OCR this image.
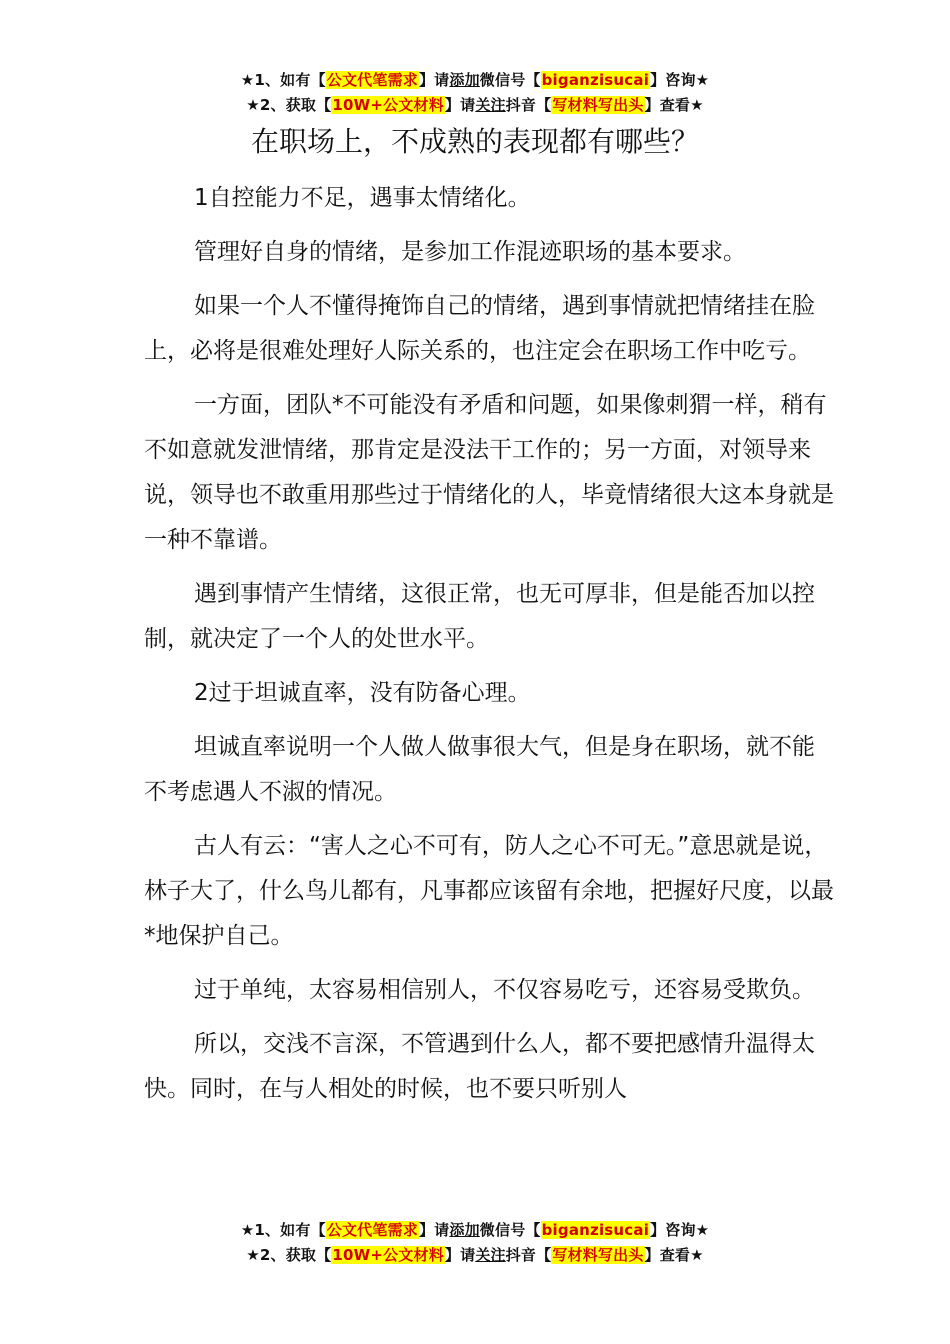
★1、如有【公文代笔需求】请添加微信号【biganzisucai】咨询★
★2、获取【10W+公文材料】请关注抖音【写材料写出头】查看★
在职场上，不成熟的表现都有哪些？

1自控能力不足，遇事太情绪化。

管理好自身的情绪，是参加工作混迹职场的基本要求。

如果一个人不懂得掩饰自己的情绪，遇到事情就把情绪挂在脸上，必将是很难处理好人际关系的，也注定会在职场工作中吃亏。

一方面，团队*不可能没有矛盾和问题，如果像刺猬一样，稍有不如意就发泄情绪，那肯定是没法干工作的；另一方面，对领导来说，领导也不敢重用那些过于情绪化的人，毕竟情绪很大这本身就是一种不靠谱。

遇到事情产生情绪，这很正常，也无可厚非，但是能否加以控制，就决定了一个人的处世水平。

2过于坦诚直率，没有防备心理。

坦诚直率说明一个人做人做事很大气，但是身在职场，就不能不考虑遇人不淑的情况。

古人有云：“害人之心不可有，防人之心不可无。”意思就是说，林子大了，什么鸟儿都有，凡事都应该留有余地，把握好尺度，以最*地保护自己。

过于单纯，太容易相信别人，不仅容易吃亏，还容易受欺负。

所以，交浅不言深，不管遇到什么人，都不要把感情升温得太快。同时，在与人相处的时候，也不要只听别人

★1、如有【公文代笔需求】请添加微信号【biganzisucai】咨询★
★2、获取【10W+公文材料】请关注抖音【写材料写出头】查看★
